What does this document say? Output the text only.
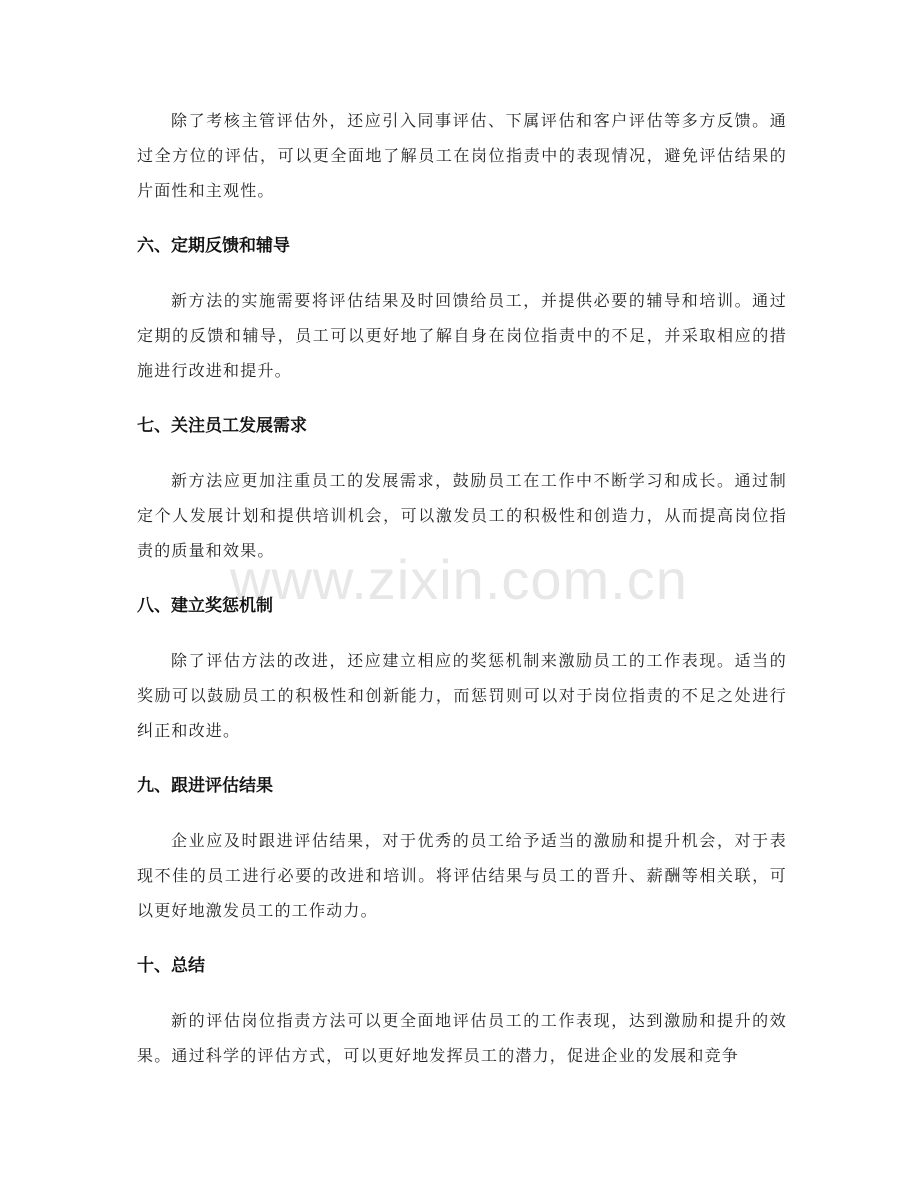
除了考核主管评估外，还应引入同事评估、下属评估和客户评估等多方反馈。通过全方位的评估，可以更全面地了解员工在岗位指责中的表现情况，避免评估结果的片面性和主观性。

六、定期反馈和辅导

新方法的实施需要将评估结果及时回馈给员工，并提供必要的辅导和培训。通过定期的反馈和辅导，员工可以更好地了解自身在岗位指责中的不足，并采取相应的措施进行改进和提升。

七、关注员工发展需求

新方法应更加注重员工的发展需求，鼓励员工在工作中不断学习和成长。通过制定个人发展计划和提供培训机会，可以激发员工的积极性和创造力，从而提高岗位指责的质量和效果。

八、建立奖惩机制

除了评估方法的改进，还应建立相应的奖惩机制来激励员工的工作表现。适当的奖励可以鼓励员工的积极性和创新能力，而惩罚则可以对于岗位指责的不足之处进行纠正和改进。

九、跟进评估结果

企业应及时跟进评估结果，对于优秀的员工给予适当的激励和提升机会，对于表现不佳的员工进行必要的改进和培训。将评估结果与员工的晋升、薪酬等相关联，可以更好地激发员工的工作动力。

十、总结

新的评估岗位指责方法可以更全面地评估员工的工作表现，达到激励和提升的效果。通过科学的评估方式，可以更好地发挥员工的潜力，促进企业的发展和竞争

www.zixin.com.cn
